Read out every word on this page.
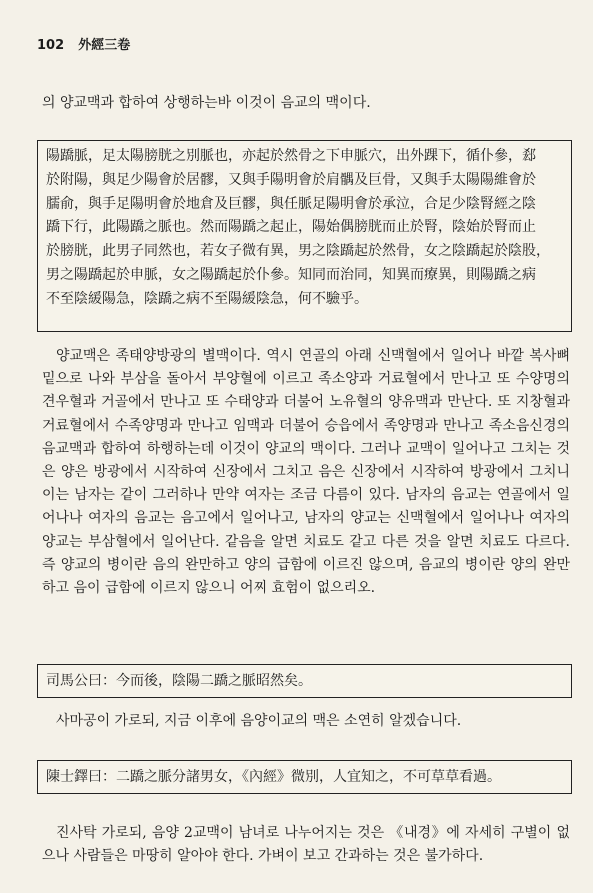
102 外經三卷
의 양교맥과 합하여 상행하는바 이것이 음교의 맥이다.
陽蹻脈，足太陽膀胱之別脈也，亦起於然骨之下申脈穴，出外踝下，循仆參，郄
於附陽，與足少陽會於居髎，又與手陽明會於肩髃及巨骨，又與手太陽陽維會於
臑俞，與手足陽明會於地倉及巨髎，與任脈足陽明會於承泣，合足少陰腎經之陰
蹻下行，此陽蹻之脈也。然而陽蹻之起止，陽始偶膀胱而止於腎，陰始於腎而止
於膀胱，此男子同然也，若女子微有異，男之陰蹻起於然骨，女之陰蹻起於陰股，
男之陽蹻起於申脈，女之陽蹻起於仆參。知同而治同，知異而療異，則陽蹻之病
不至陰緩陽急，陰蹻之病不至陽緩陰急，何不驗乎。
양교맥은 족태양방광의 별맥이다. 역시 연골의 아래 신맥혈에서 일어나 바깥 복사뼈 밑으로 나와 부삼을 돌아서 부양혈에 이르고 족소양과 거료혈에서 만나고 또 수양명의 견우혈과 거골에서 만나고 또 수태양과 더불어 노유혈의 양유맥과 만난다. 또 지창혈과 거료혈에서 수족양명과 만나고 임맥과 더불어 승읍에서 족양명과 만나고 족소음신경의 음교맥과 합하여 하행하는데 이것이 양교의 맥이다. 그러나 교맥이 일어나고 그치는 것은 양은 방광에서 시작하여 신장에서 그치고 음은 신장에서 시작하여 방광에서 그치니 이는 남자는 같이 그러하나 만약 여자는 조금 다름이 있다. 남자의 음교는 연골에서 일어나나 여자의 음교는 음고에서 일어나고, 남자의 양교는 신맥혈에서 일어나나 여자의 양교는 부삼혈에서 일어난다. 같음을 알면 치료도 같고 다른 것을 알면 치료도 다르다. 즉 양교의 병이란 음의 완만하고 양의 급함에 이르진 않으며, 음교의 병이란 양의 완만하고 음이 급함에 이르지 않으니 어찌 효험이 없으리오.
司馬公曰：今而後，陰陽二蹻之脈昭然矣。
사마공이 가로되, 지금 이후에 음양이교의 맥은 소연히 알겠습니다.
陳士鐸曰：二蹻之脈分諸男女，《內經》微別，人宜知之，不可草草看過。
진사탁 가로되, 음양 2교맥이 남녀로 나누어지는 것은 《내경》에 자세히 구별이 없으나 사람들은 마땅히 알아야 한다. 가벼이 보고 간과하는 것은 불가하다.
